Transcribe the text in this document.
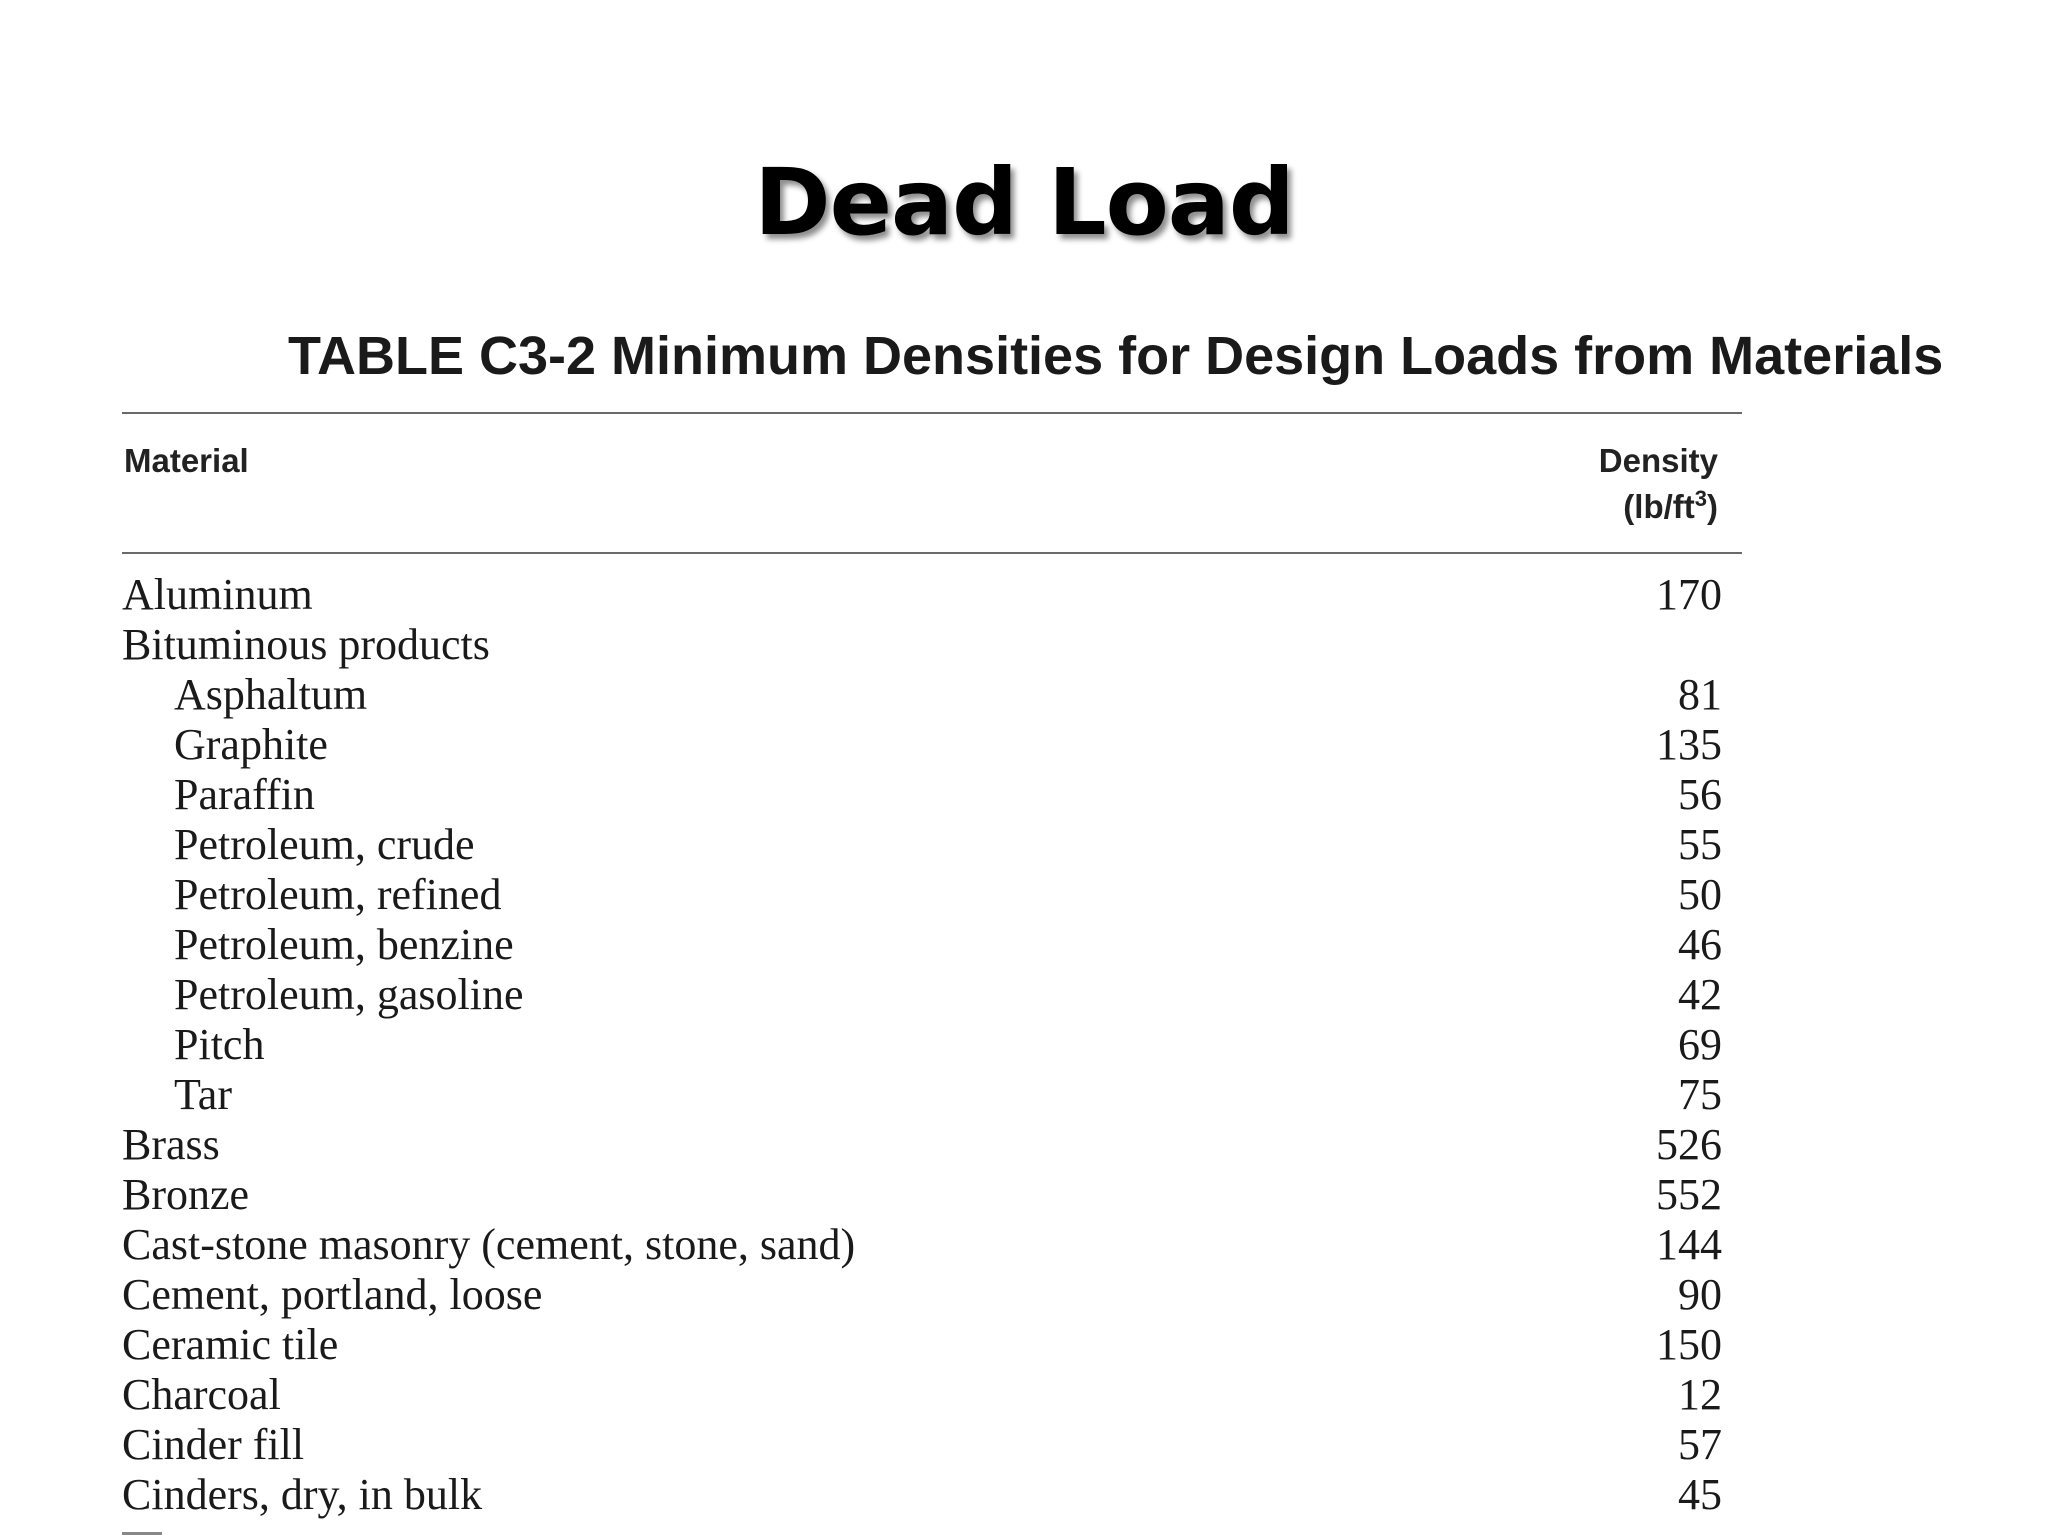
Dead Load
TABLE C3-2 Minimum Densities for Design Loads from Materials
Material	Density
$(lb/ft^3)$
Aluminum	170
Bituminous products
Asphaltum	81
Graphite	135
Paraffin	56
Petroleum, crude	55
Petroleum, refined	50
Petroleum, benzine	46
Petroleum, gasoline	42
Pitch	69
Tar	75
Brass	526
Bronze	552
Cast-stone masonry (cement, stone, sand)	144
Cement, portland, loose	90
Ceramic tile	150
Charcoal	12
Cinder fill	57
Cinders, dry, in bulk	45
